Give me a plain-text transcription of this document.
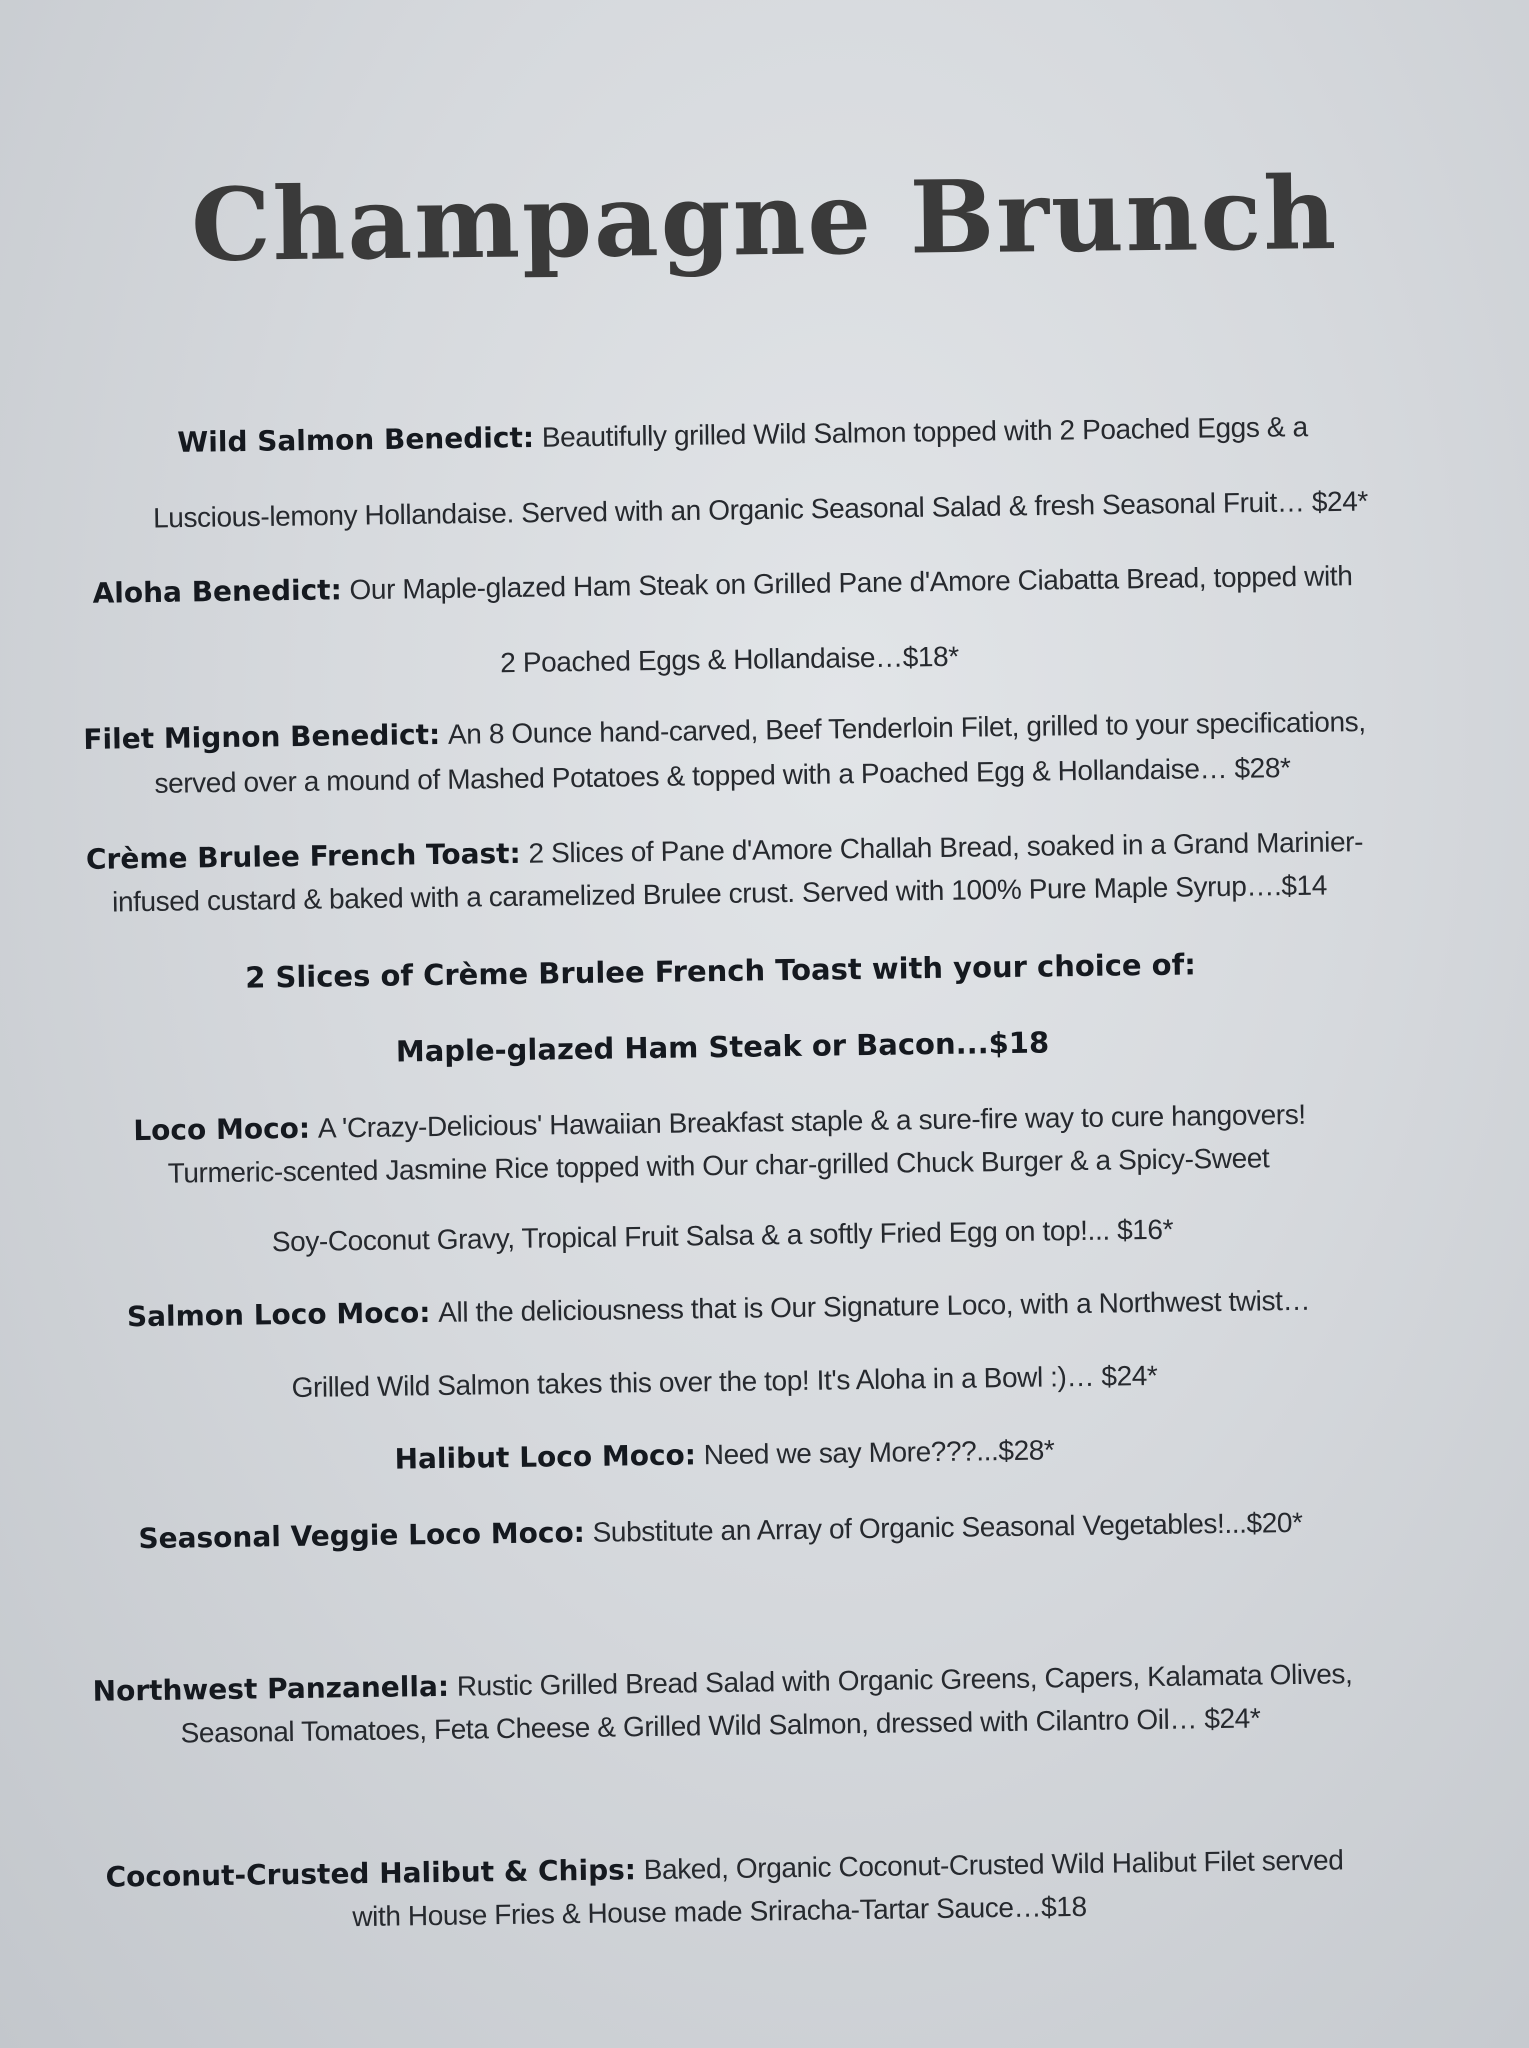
Champagne Brunch
Wild Salmon Benedict: Beautifully grilled Wild Salmon topped with 2 Poached Eggs & a
Luscious-lemony Hollandaise. Served with an Organic Seasonal Salad & fresh Seasonal Fruit… $24*
Aloha Benedict: Our Maple-glazed Ham Steak on Grilled Pane d'Amore Ciabatta Bread, topped with
2 Poached Eggs & Hollandaise…$18*
Filet Mignon Benedict: An 8 Ounce hand-carved, Beef Tenderloin Filet, grilled to your specifications,
served over a mound of Mashed Potatoes & topped with a Poached Egg & Hollandaise… $28*
Crème Brulee French Toast: 2 Slices of Pane d'Amore Challah Bread, soaked in a Grand Marinier-
infused custard & baked with a caramelized Brulee crust. Served with 100% Pure Maple Syrup….$14
2 Slices of Crème Brulee French Toast with your choice of:
Maple-glazed Ham Steak or Bacon...$18
Loco Moco: A 'Crazy-Delicious' Hawaiian Breakfast staple & a sure-fire way to cure hangovers!
Turmeric-scented Jasmine Rice topped with Our char-grilled Chuck Burger & a Spicy-Sweet
Soy-Coconut Gravy, Tropical Fruit Salsa & a softly Fried Egg on top!... $16*
Salmon Loco Moco: All the deliciousness that is Our Signature Loco, with a Northwest twist…
Grilled Wild Salmon takes this over the top! It's Aloha in a Bowl :)… $24*
Halibut Loco Moco: Need we say More???...$28*
Seasonal Veggie Loco Moco: Substitute an Array of Organic Seasonal Vegetables!...$20*
Northwest Panzanella: Rustic Grilled Bread Salad with Organic Greens, Capers, Kalamata Olives,
Seasonal Tomatoes, Feta Cheese & Grilled Wild Salmon, dressed with Cilantro Oil… $24*
Coconut-Crusted Halibut & Chips: Baked, Organic Coconut-Crusted Wild Halibut Filet served
with House Fries & House made Sriracha-Tartar Sauce…$18
